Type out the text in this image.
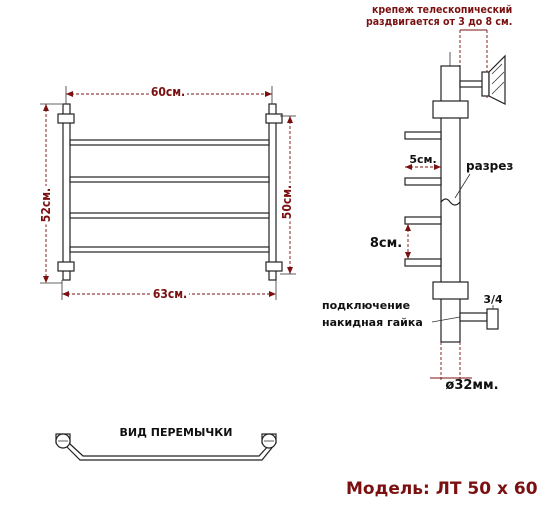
60см.
63см.
52см.	50см.
крепеж телескопический
раздвигается от 3 до 8 см.
5см. разрез
8см.
3/4
подключение
накидная гайка
ø32мм.
ВИД ПЕРЕМЫЧКИ
Модель: ЛТ 50 x 60
